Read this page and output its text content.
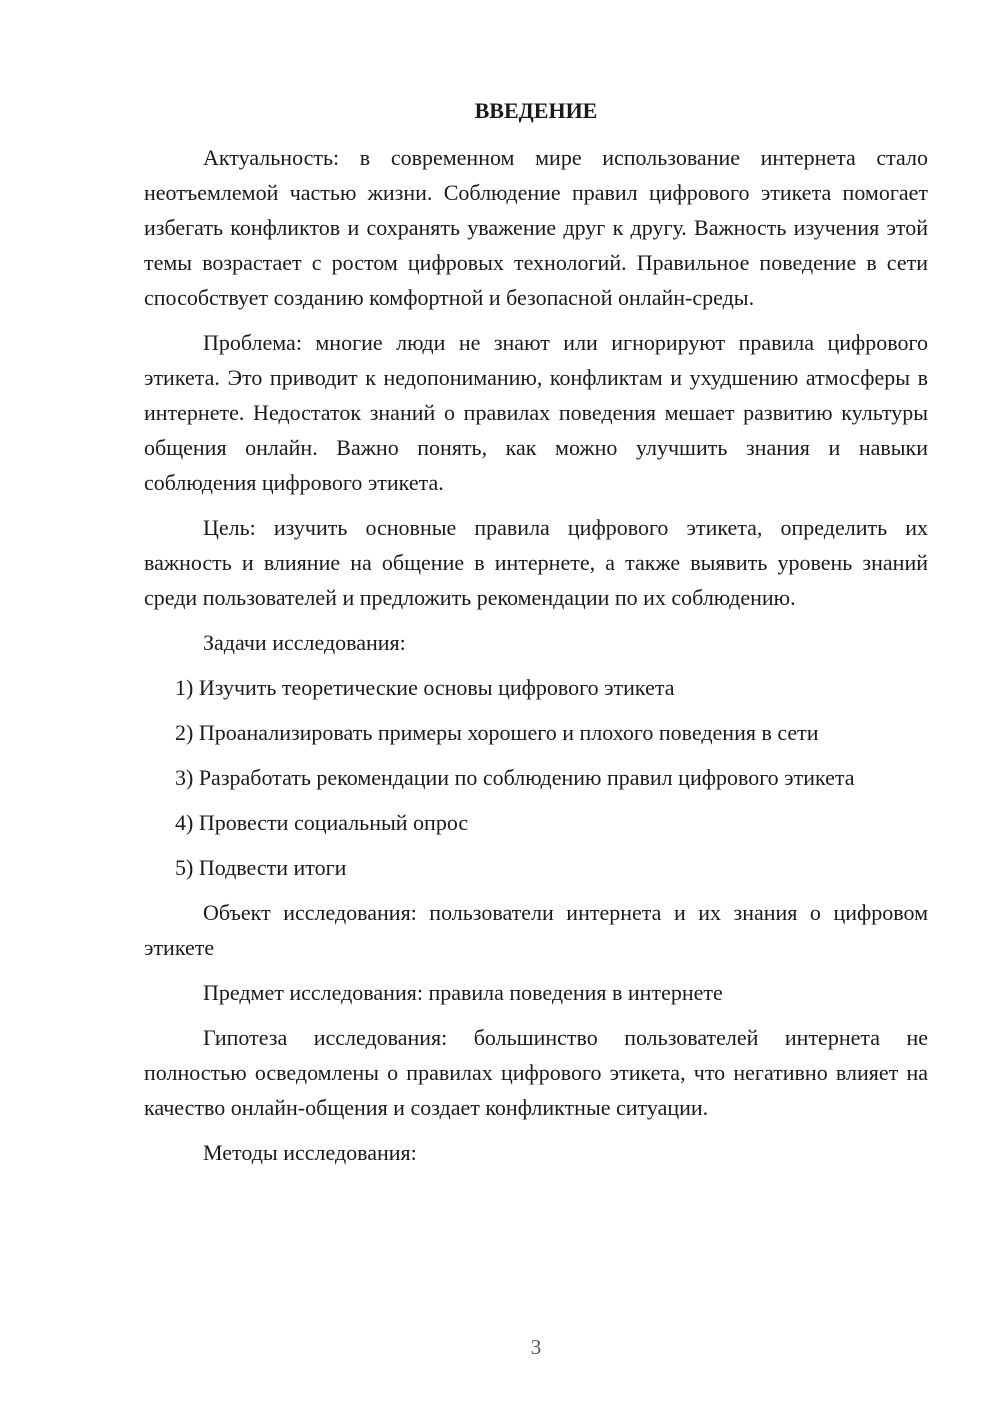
ВВЕДЕНИЕ

Актуальность: в современном мире использование интернета стало неотъемлемой частью жизни. Соблюдение правил цифрового этикета помогает избегать конфликтов и сохранять уважение друг к другу. Важность изучения этой темы возрастает с ростом цифровых технологий. Правильное поведение в сети способствует созданию комфортной и безопасной онлайн-среды.

Проблема: многие люди не знают или игнорируют правила цифрового этикета. Это приводит к недопониманию, конфликтам и ухудшению атмосферы в интернете. Недостаток знаний о правилах поведения мешает развитию культуры общения онлайн. Важно понять, как можно улучшить знания и навыки соблюдения цифрового этикета.

Цель: изучить основные правила цифрового этикета, определить их важность и влияние на общение в интернете, а также выявить уровень знаний среди пользователей и предложить рекомендации по их соблюдению.

Задачи исследования:

1) Изучить теоретические основы цифрового этикета

2) Проанализировать примеры хорошего и плохого поведения в сети

3) Разработать рекомендации по соблюдению правил цифрового этикета

4) Провести социальный опрос

5) Подвести итоги

Объект исследования: пользователи интернета и их знания о цифровом этикете

Предмет исследования: правила поведения в интернете

Гипотеза исследования: большинство пользователей интернета не полностью осведомлены о правилах цифрового этикета, что негативно влияет на качество онлайн-общения и создает конфликтные ситуации.

Методы исследования:

3
